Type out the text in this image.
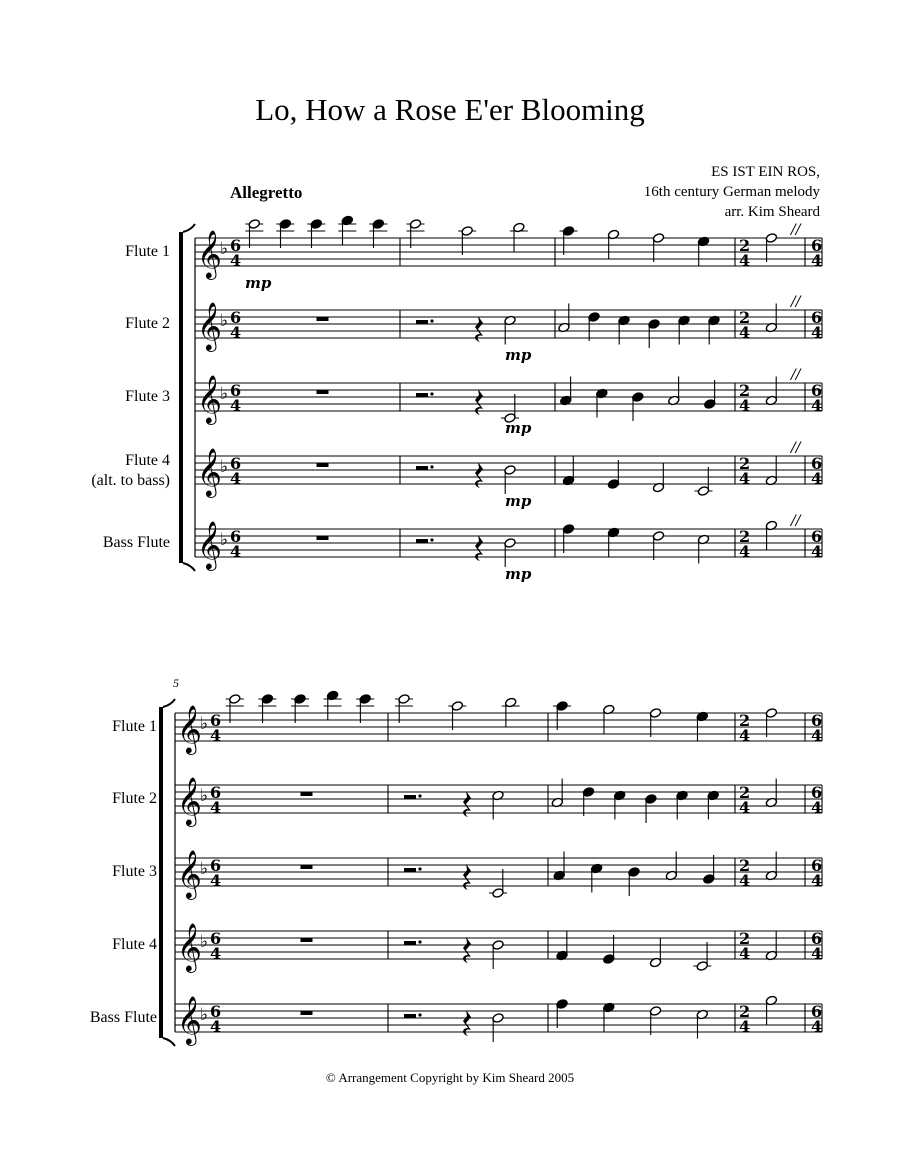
Lo, How a Rose E'er Blooming
ES IST EIN ROS,
16th century German melody
arr. Kim Sheard
Allegretto
Flute 1
Flute 2
Flute 3
Flute 4
(alt. to bass)
Bass Flute
5
Flute 1
Flute 2
Flute 3
Flute 4
Bass Flute
𝄞
♭ 6
4
2
4
6
4
//
𝄞
♭ 6
4
2
4
6
4
//
𝄞
♭ 6
4
2
4
6
4
//
𝄞
♭ 6
4
2
4
6
4
//
𝄞
♭ 6
4
2
4
6
4
//
mp
mp
mp
mp
mp
𝄞
♭ 6
4
2
4
6
4
𝄞
♭ 6
4
2
4
6
4
𝄞
♭ 6
4
2
4
6
4
𝄞
♭ 6
4
2
4
6
4
𝄞
♭ 6
4
2
4
6
4
© Arrangement Copyright by Kim Sheard 2005
